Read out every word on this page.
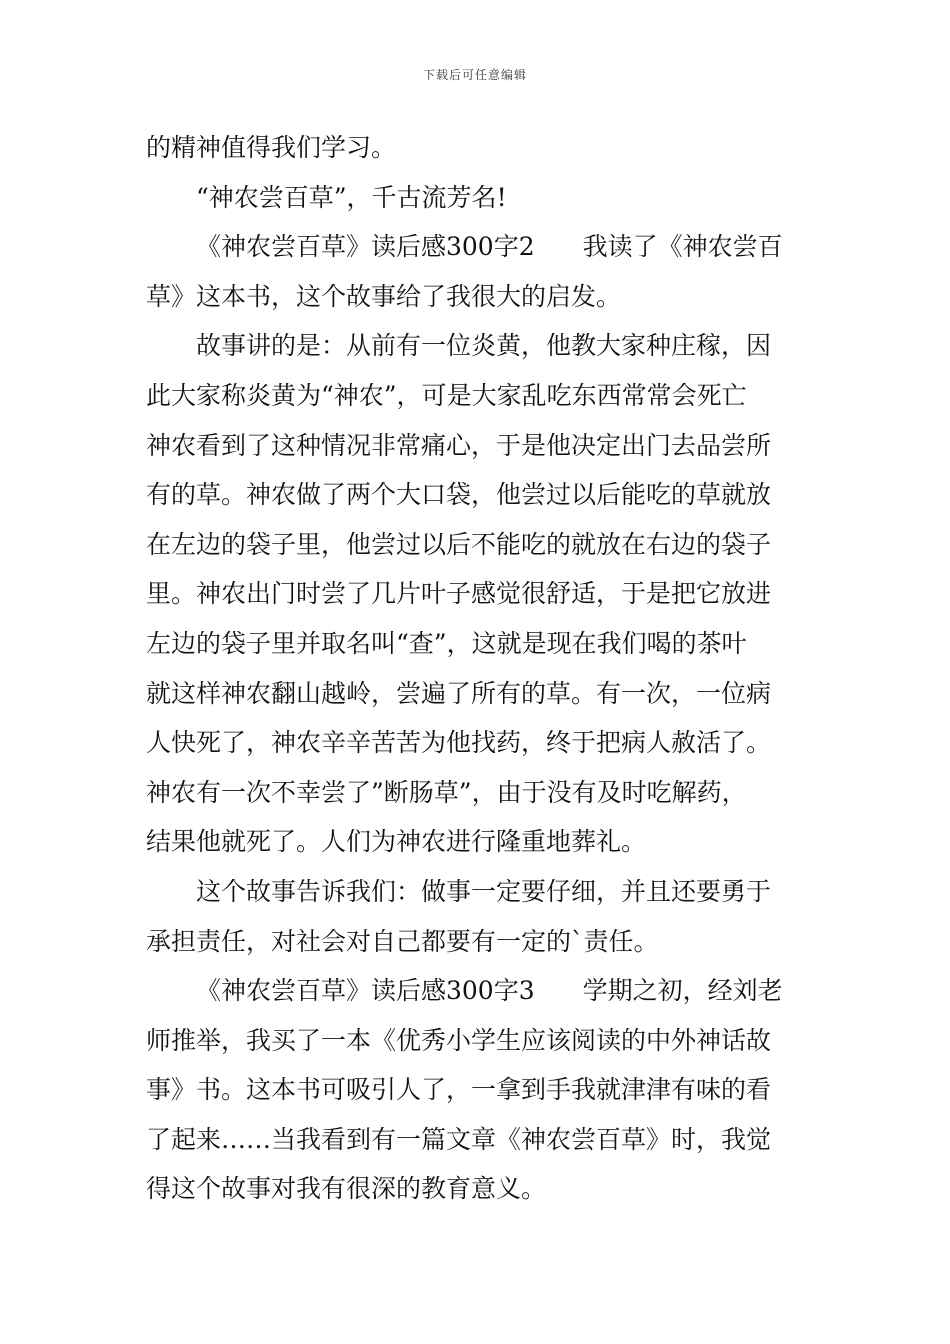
下载后可任意编辑
的精神值得我们学习。
“神农尝百草”，千古流芳名!
《神农尝百草》读后感300字2 我读了《神农尝百
草》这本书，这个故事给了我很大的启发。
故事讲的是：从前有一位炎黄，他教大家种庄稼，因
此大家称炎黄为“神农”，可是大家乱吃东西常常会死亡
神农看到了这种情况非常痛心，于是他决定出门去品尝所
有的草。神农做了两个大口袋，他尝过以后能吃的草就放
在左边的袋子里，他尝过以后不能吃的就放在右边的袋子
里。神农出门时尝了几片叶子感觉很舒适，于是把它放进
左边的袋子里并取名叫“查”，这就是现在我们喝的茶叶
就这样神农翻山越岭，尝遍了所有的草。有一次，一位病
人快死了，神农辛辛苦苦为他找药，终于把病人赦活了。
神农有一次不幸尝了”断肠草”，由于没有及时吃解药，
结果他就死了。人们为神农进行隆重地葬礼。
这个故事告诉我们：做事一定要仔细，并且还要勇于
承担责任，对社会对自己都要有一定的`责任。
《神农尝百草》读后感300字3 学期之初，经刘老
师推举，我买了一本《优秀小学生应该阅读的中外神话故
事》书。这本书可吸引人了，一拿到手我就津津有味的看
了起来……当我看到有一篇文章《神农尝百草》时，我觉
得这个故事对我有很深的教育意义。
